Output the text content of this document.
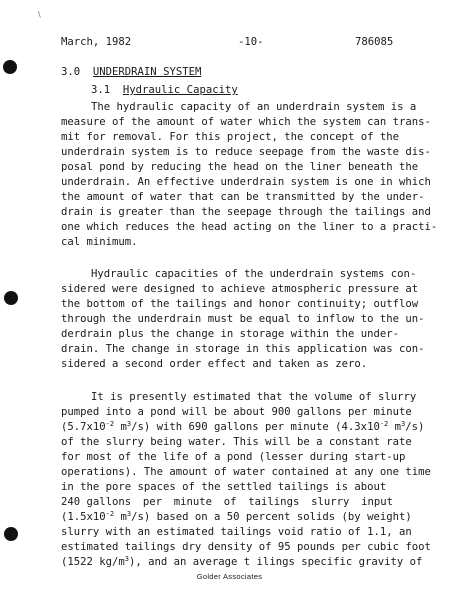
\
March, 1982	-10-	786085
3.0 UNDERDRAIN SYSTEM
3.1 Hydraulic Capacity
The hydraulic capacity of an underdrain system is a
measure of the amount of water which the system can trans-
mit for removal. For this project, the concept of the
underdrain system is to reduce seepage from the waste dis-
posal pond by reducing the head on the liner beneath the
underdrain. An effective underdrain system is one in which
the amount of water that can be transmitted by the under-
drain is greater than the seepage through the tailings and
one which reduces the head acting on the liner to a practi-
cal minimum.
Hydraulic capacities of the underdrain systems con-
sidered were designed to achieve atmospheric pressure at
the bottom of the tailings and honor continuity; outflow
through the underdrain must be equal to inflow to the un-
derdrain plus the change in storage within the under-
drain. The change in storage in this application was con-
sidered a second order effect and taken as zero.
It is presently estimated that the volume of slurry
pumped into a pond will be about 900 gallons per minute
($5.7x10^{-2}$ $m^3/s$) with 690 gallons per minute ($4.3x10^{-2}$ $m^3/s$)
of the slurry being water. This will be a constant rate
for most of the life of a pond (lesser during start-up
operations). The amount of water contained at any one time
in the pore spaces of the settled tailings is about
240 gallons per minute of tailings slurry input
($1.5x10^{-2}$ $m^3/s$) based on a 50 percent solids (by weight)
slurry with an estimated tailings void ratio of 1.1, an
estimated tailings dry density of 95 pounds per cubic foot
(1522 $kg/m^3$), and an average t ilings specific gravity of
Golder Associates
